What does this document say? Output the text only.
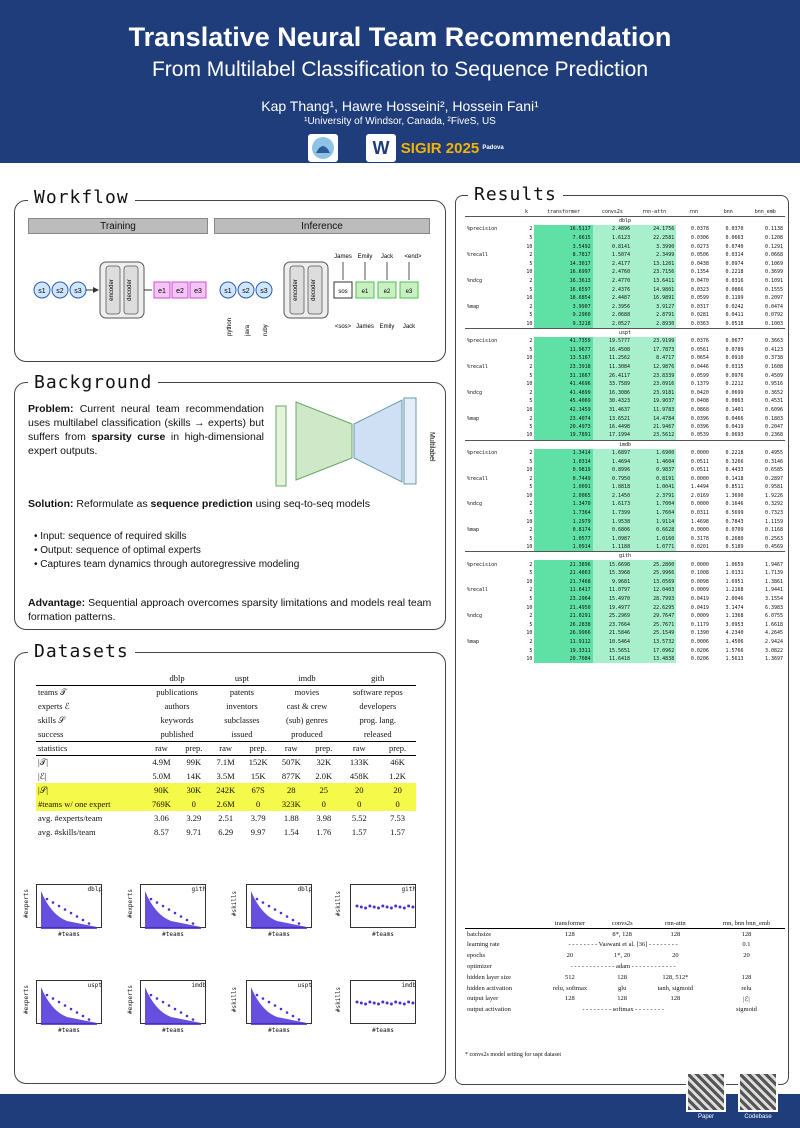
Translative Neural Team Recommendation
From Multilabel Classification to Sequence Prediction
Kap Thang¹, Hawre Hosseini², Hossein Fani¹
¹University of Windsor, Canada, ²FiveS, US
W SIGIR 2025 Padova
Workflow
Training	Inference
s1 s2 s3	encoder decoder	e1 e2 e3	s1 s2 s3
python java ruby
encoder decoder	sos e1	e2	e3
James Emily Jack <end>
<sos> James Emily Jack
Background
Problem: Current neural team recommendation uses multilabel classification (skills → experts) but suffers from sparsity curse in high-dimensional expert outputs.	Multilabel
Solution: Reformulate as sequence prediction using seq-to-seq models
• Input: sequence of required skills
• Output: sequence of optimal experts
• Captures team dynamics through autoregressive modeling
Advantage: Sequential approach overcomes sparsity limitations and models real team formation patterns.
Datasets
	dblp		uspt		imdb		gith	
teams 𝒯	publications		patents		movies		software repos	
experts ℰ	authors		inventors		cast & crew		developers	
skills 𝒮	keywords		subclasses		(sub) genres		prog. lang.	
success	published		issued		produced		released	
statistics	raw	prep.	raw	prep.	raw	prep.	raw	prep.
|𝒯|	4.9M	99K	7.1M	152K	507K	32K	133K	46K
|ℰ|	5.0M	14K	3.5M	15K	877K	2.0K	458K	1.2K
|𝒮|	90K	30K	242K	67S	28	25	20	20
#teams w/ one expert	769K	0	2.6M	0	323K	0	0	0
avg. #experts/team	3.06	3.29	2.51	3.79	1.88	3.98	5.52	7.53
avg. #skills/team	8.57	9.71	6.29	9.97	1.54	1.76	1.57	1.57
dblp
#teams
#experts	gith
#teams
#experts	dblp
#teams
#skills
gith
#teams
#skills
uspt
#teams
#experts	imdb
#teams
#experts	uspt
#teams
#skills
imdb
#teams
#skills
Results
	k	transformer	convs2s	rnn-attn	rnn	bnn	bnn_emb
dblp							
%precision	2	16.5117	2.4896	24.1756	0.0378	0.0370	0.1138
	5	7.6615	1.6123	22.2581	0.0306	0.0663	0.1208
	10	3.5492	0.8141	3.3990	0.0273	0.0740	0.1291
%recall	2	8.7817	1.5074	2.3499	0.0506	0.0314	0.0668
	5	14.3017	2.4177	13.1201	0.0438	0.0974	0.1069
	10	16.6997	2.4760	23.7156	0.1354	0.2218	0.3699
%ndcg	2	16.3613	2.4770	13.6411	0.0470	0.0316	0.1091
	5	16.6597	2.4376	14.9801	0.0323	0.0866	0.1555
	10	18.6854	2.4487	16.9891	0.0599	0.1199	0.2097
%map	2	3.9907	2.3956	3.9127	0.0317	0.0242	0.0474
	5	9.2960	2.0688	2.8791	0.0281	0.0411	0.0792
	10	9.3218	2.0527	2.8930	0.0363	0.0518	0.1003
uspt							
%precision	2	41.7359	19.5777	23.9199	0.0376	0.0677	0.3663
	5	11.9677	16.4508	17.7873	0.0561	0.0789	0.4123
	10	13.5167	11.2562	8.4717	0.0654	0.0910	0.3738
%recall	2	23.3918	11.3084	12.9876	0.0446	0.0315	0.1608
	5	31.1667	26.4117	23.8339	0.0599	0.0976	0.4509
	10	41.4696	33.7589	23.0916	0.1379	0.2212	0.9516
%ndcg	2	41.4899	16.3086	23.9181	0.0420	0.0699	0.3652
	5	45.4069	30.4323	19.9037	0.0408	0.0863	0.4531
	10	42.1459	31.4637	11.9783	0.0868	0.1401	0.6096
%map	2	23.4074	13.6521	14.4784	0.0396	0.0466	0.1803
	5	20.4973	16.4498	21.9467	0.0396	0.0419	0.2047
	10	19.7891	17.1994	23.5612	0.0539	0.0693	0.2368
imdb							
%precision	2	1.3414	1.6897	1.6900	0.0000	0.2218	0.4955
	5	1.0314	1.4694	1.4604	0.0511	0.3266	0.3146
	10	0.9819	0.8996	0.9837	0.0511	0.4433	0.6585
%recall	2	0.7449	0.7950	0.8191	0.0000	0.1418	0.2897
	5	1.0091	1.8818	1.0041	1.4494	0.8511	0.9581
	10	2.0065	2.1450	2.3791	2.0169	1.3690	1.9226
%ndcg	2	1.3470	1.6173	1.7004	0.0000	0.1646	0.3292
	5	1.7364	1.7399	1.7604	0.0311	0.5699	0.7323
	10	1.2979	1.9538	1.9114	1.4698	0.7843	1.1159
%map	2	0.8174	0.6806	0.6628	0.0000	0.0709	0.1168
	5	1.0577	1.0987	1.0160	0.3178	0.2680	0.2563
	10	1.0914	1.1188	1.0771	0.0201	0.5189	0.4569
gith							
%precision	2	21.3896	15.6698	25.2800	0.0000	1.0659	1.9467
	5	21.4863	15.3968	25.9966	0.1008	1.0131	1.7139
	10	21.7468	9.9681	13.0569	0.0098	1.6951	1.3861
%recall	2	11.6417	11.0797	12.0403	0.0009	1.2168	1.9441
	5	23.2964	15.4970	28.7993	0.0419	2.0046	3.1554
	10	21.4950	19.4977	22.6295	0.0419	3.1474	6.3983
%ndcg	2	21.0291	25.2969	29.7647	0.0009	1.1368	6.0755
	5	26.2838	23.7664	25.7671	0.1179	3.0953	1.6618
	10	26.9966	21.5846	25.1549	0.1390	4.2340	4.2645
%map	2	11.9112	10.5464	13.5732	0.0006	1.4506	2.9424
	5	19.3311	15.5651	17.0962	0.0206	1.5766	3.0822
	10	20.7084	11.6418	13.4838	0.0206	1.5613	1.3697
	transformer	convs2s	rnn-attn	rnn, bnn bnn_emb
batchsize	128	8*, 128	128	128
learning rate	- - - - - - - - Vaswani et al. [36] - - - - - - - -			0.1
epochs	20	1*, 20	20	20
optimizer	- - - - - - - - - - - - adam - - - - - - - - - - - -			
hidden layer size	512	128	128, 512*	128
hidden activation	relu, softmax	glu	tanh, sigmoid	relu
output layer	128	128	128	|ℰ|
output activation	- - - - - - - - softmax - - - - - - - -			sigmoid
* convs2s model setting for uspt dataset
Paper	Codebase
